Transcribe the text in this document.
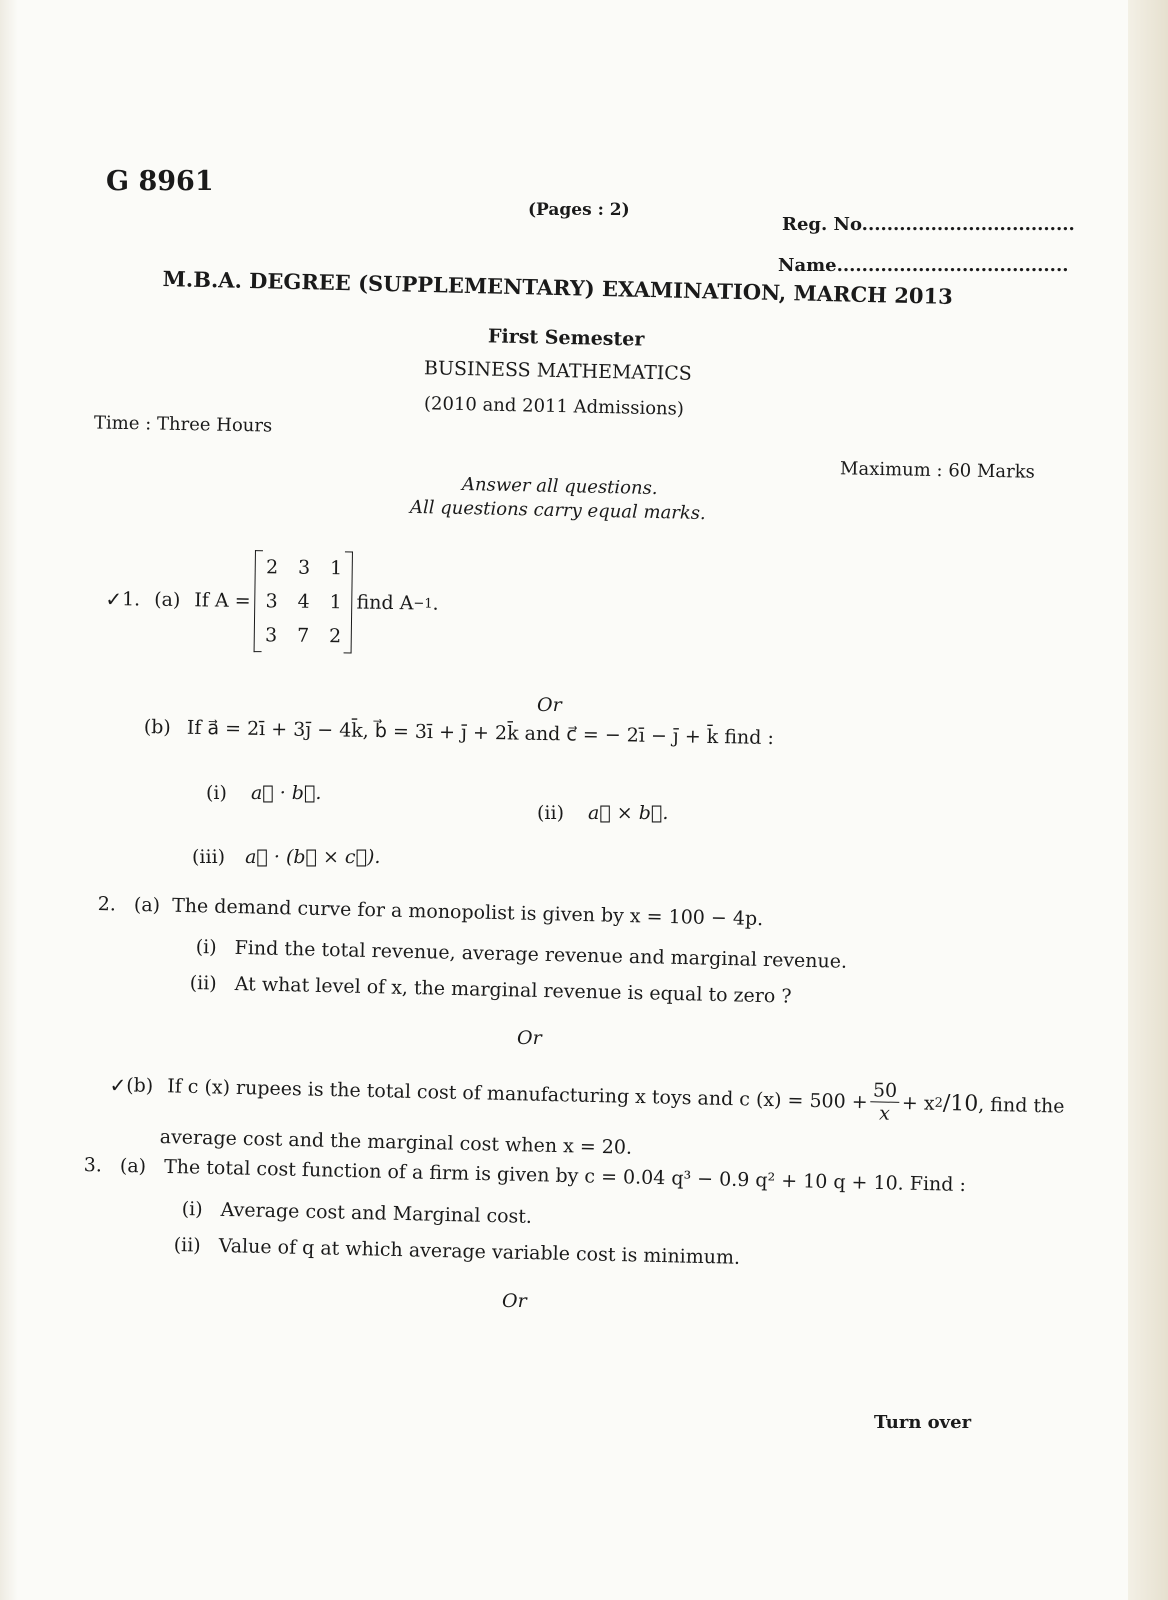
G 8961
(Pages : 2)
Reg. No..................................
Name.....................................
M.B.A. DEGREE (SUPPLEMENTARY) EXAMINATION, MARCH 2013
First Semester
BUSINESS MATHEMATICS
(2010 and 2011 Admissions)
Time : Three Hours
Maximum : 60 Marks
Answer all questions.
All questions carry equal marks.
✓ 1. (a) If A =
2 3 1
3 4 1
3 7 2
find A −1 .
Or
(b) If a⃗ = 2ī + 3j̄ − 4k̄, b⃗ = 3ī + j̄ + 2k̄ and c⃗ = − 2ī − j̄ + k̄ find :
(i) a⃗ · b⃗.
(ii) a⃗ × b⃗.
(iii) a⃗ · (b⃗ × c⃗).
2. (a) The demand curve for a monopolist is given by x = 100 − 4p.
(i) Find the total revenue, average revenue and marginal revenue.
(ii) At what level of x, the marginal revenue is equal to zero ?
Or
✓ (b) If c (x) rupees is the total cost of manufacturing x toys and c $(x) = 500 + \frac{50}{x} + x$ 2 /10 , find the
average cost and the marginal cost when x = 20.
3. (a) The total cost function of a firm is given by c = 0.04 q³ − 0.9 q² + 10 q + 10. Find :
(i) Average cost and Marginal cost.
(ii) Value of q at which average variable cost is minimum.
Or
Turn over
